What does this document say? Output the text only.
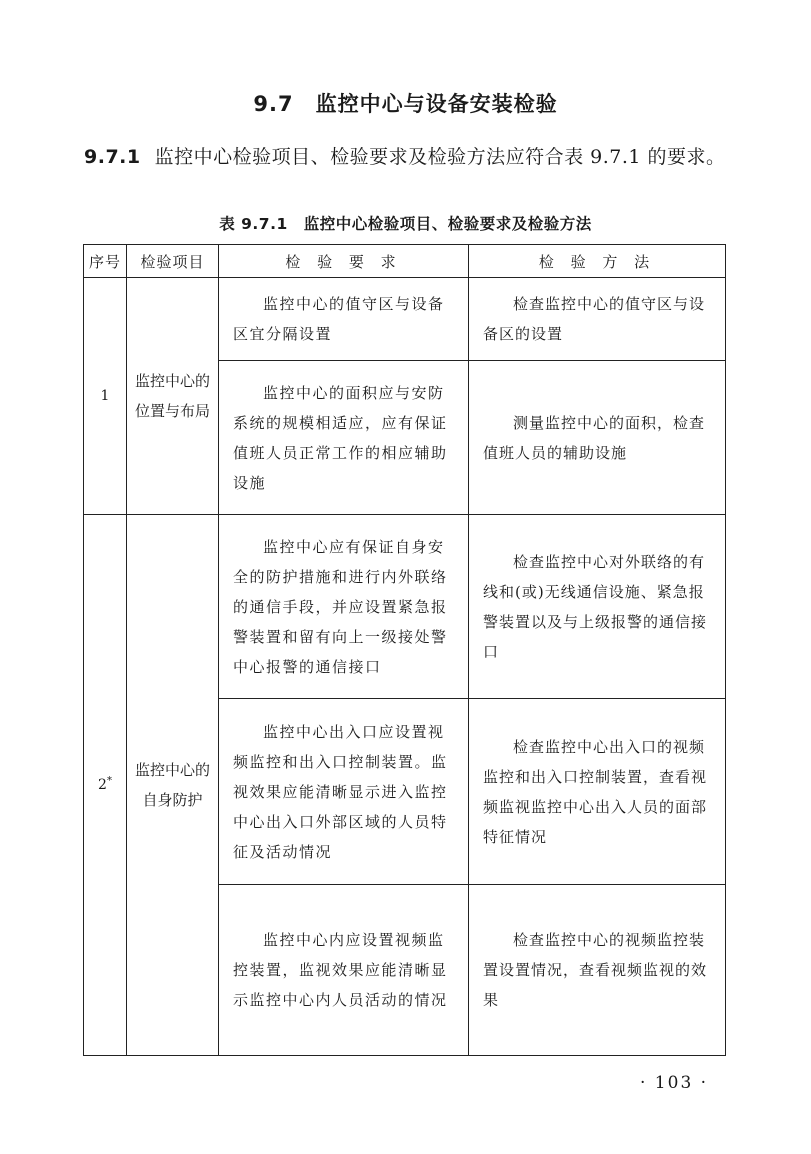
9.7 监控中心与设备安装检验
9.7.1 监控中心检验项目、检验要求及检验方法应符合表 9.7.1 的要求。
表 9.7.1 监控中心检验项目、检验要求及检验方法
序号	检验项目	检 验 要 求	检 验 方 法
1	监控中心的位置与布局	监控中心的值守区与设备区宜分隔设置	检查监控中心的值守区与设备区的设置
		监控中心的面积应与安防系统的规模相适应，应有保证值班人员正常工作的相应辅助设施	测量监控中心的面积，检查值班人员的辅助设施
2*	监控中心的自身防护	监控中心应有保证自身安全的防护措施和进行内外联络的通信手段，并应设置紧急报警装置和留有向上一级接处警中心报警的通信接口	检查监控中心对外联络的有线和(或)无线通信设施、紧急报警装置以及与上级报警的通信接口
		监控中心出入口应设置视频监控和出入口控制装置。监视效果应能清晰显示进入监控中心出入口外部区域的人员特征及活动情况	检查监控中心出入口的视频监控和出入口控制装置，查看视频监视监控中心出入人员的面部特征情况
		监控中心内应设置视频监控装置，监视效果应能清晰显示监控中心内人员活动的情况	检查监控中心的视频监控装置设置情况，查看视频监视的效果
· 103 ·
